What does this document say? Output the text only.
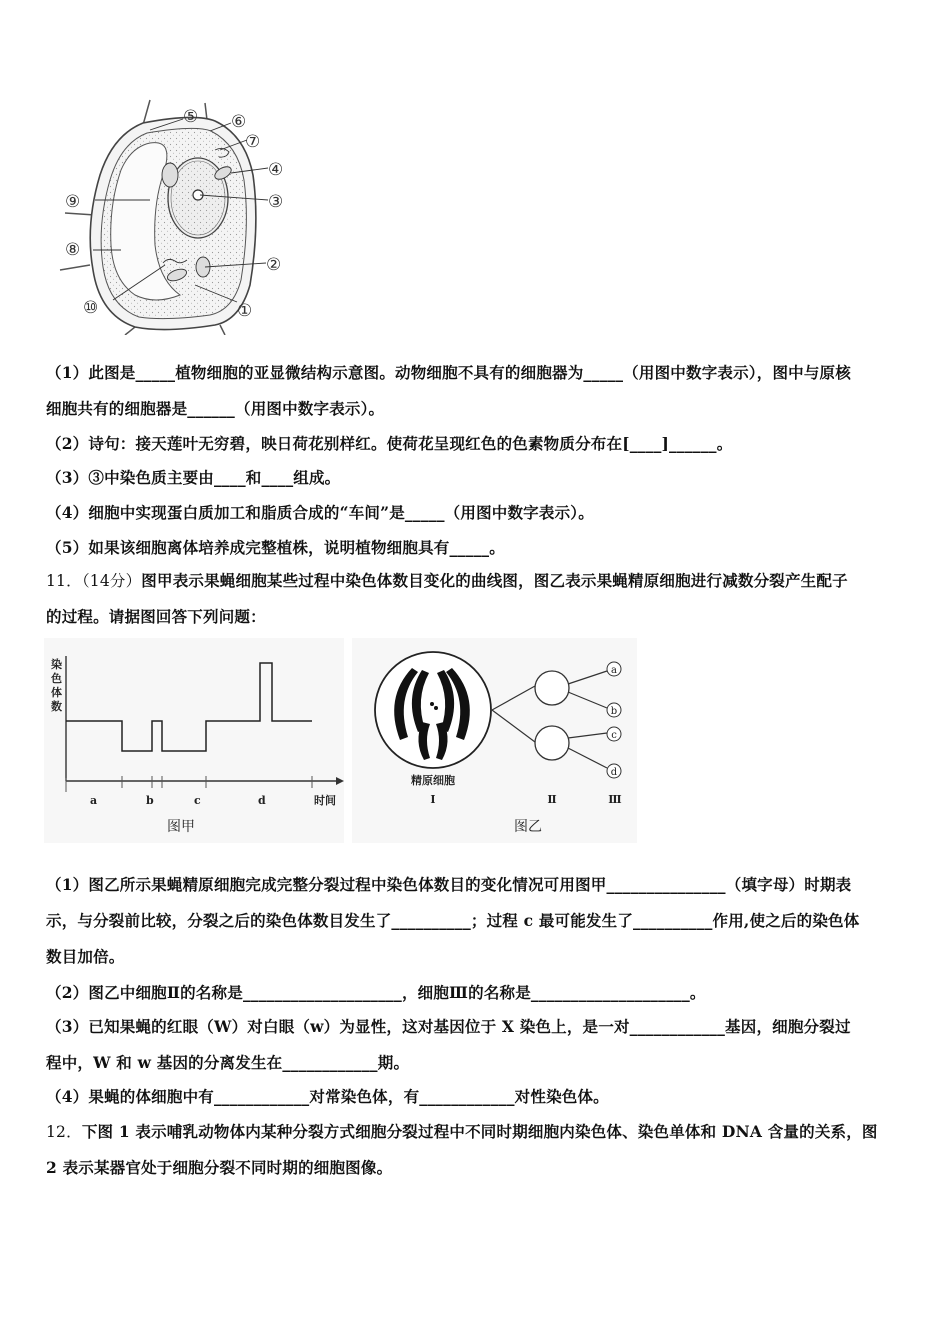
⑤ ⑥
⑦
④
③
②
①
⑨
⑧
⑩
（1）此图是_____植物细胞的亚显微结构示意图。动物细胞不具有的细胞器为_____（用图中数字表示），图中与原核
细胞共有的细胞器是______（用图中数字表示）。
（2）诗句：接天莲叶无穷碧，映日荷花别样红。使荷花呈现红色的色素物质分布在[____]______。
（3）③中染色质主要由____和____组成。
（4）细胞中实现蛋白质加工和脂质合成的“车间”是_____（用图中数字表示）。
（5）如果该细胞离体培养成完整植株，说明植物细胞具有_____。
11．（14分）图甲表示果蝇细胞某些过程中染色体数目变化的曲线图，图乙表示果蝇精原细胞进行减数分裂产生配子
的过程。请据图回答下列问题：
染
色
体
数
a	b	c	d	时间
图甲
a
b
c
d
精原细胞
Ⅰ	Ⅱ	Ⅲ
图乙
（1）图乙所示果蝇精原细胞完成完整分裂过程中染色体数目的变化情况可用图甲_______________（填字母）时期表
示，与分裂前比较，分裂之后的染色体数目发生了__________；过程 c 最可能发生了__________作用,使之后的染色体
数目加倍。
（2）图乙中细胞Ⅱ的名称是____________________，细胞Ⅲ的名称是____________________。
（3）已知果蝇的红眼（W）对白眼（w）为显性，这对基因位于 X 染色上，是一对____________基因，细胞分裂过
程中，W 和 w 基因的分离发生在____________期。
（4）果蝇的体细胞中有____________对常染色体，有____________对性染色体。
12．下图 1 表示哺乳动物体内某种分裂方式细胞分裂过程中不同时期细胞内染色体、染色单体和 DNA 含量的关系，图
2 表示某器官处于细胞分裂不同时期的细胞图像。
